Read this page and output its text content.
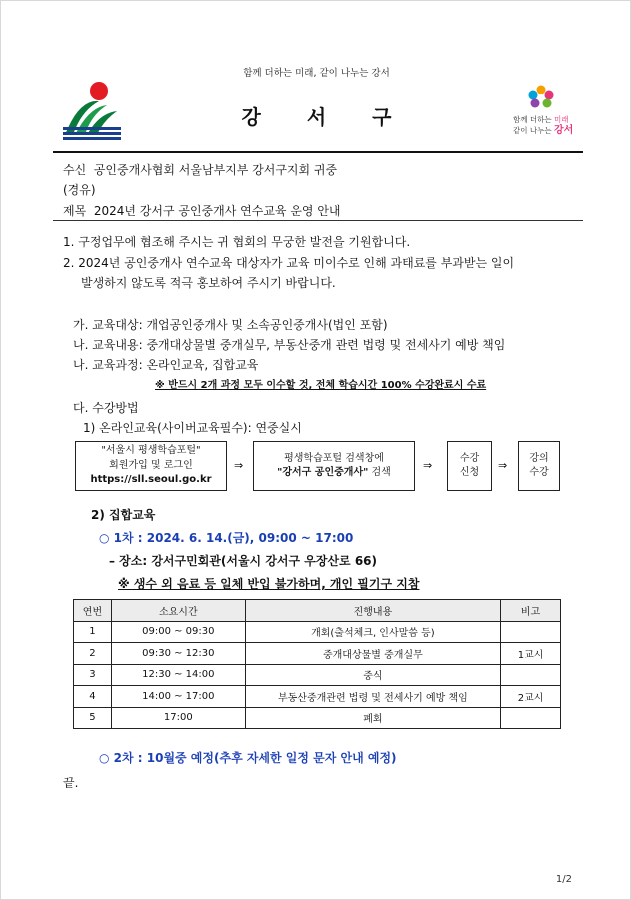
함께 더하는 미래, 같이 나누는 강서
강서구	함께 더하는 미래
같이 나누는 강서
수신 공인중개사협회 서울남부지부 강서구지회 귀중
(경유)
제목 2024년 강서구 공인중개사 연수교육 운영 안내
1. 구정업무에 협조해 주시는 귀 협회의 무궁한 발전을 기원합니다.
2. 2024년 공인중개사 연수교육 대상자가 교육 미이수로 인해 과태료를 부과받는 일이
발생하지 않도록 적극 홍보하여 주시기 바랍니다.
가. 교육대상: 개업공인중개사 및 소속공인중개사(법인 포함)
나. 교육내용: 중개대상물별 중개실무, 부동산중개 관련 법령 및 전세사기 예방 책임
나. 교육과정: 온라인교육, 집합교육
※ 반드시 2개 과정 모두 이수할 것, 전체 학습시간 100% 수강완료시 수료
다. 수강방법
1) 온라인교육(사이버교육필수): 연중실시
"서울시 평생학습포털"
회원가입 및 로그인
https://sll.seoul.go.kr
⇒
평생학습포털 검색창에
"강서구 공인중개사" 검색
⇒
수강
신청
⇒
강의
수강
2) 집합교육
○ 1차 : 2024. 6. 14.(금), 09:00 ~ 17:00
– 장소: 강서구민회관(서울시 강서구 우장산로 66)
※ 생수 외 음료 등 일체 반입 불가하며, 개인 필기구 지참
연번	소요시간	진행내용	비고
1	09:00 ~ 09:30	개회(출석체크, 인사말씀 등)	
2	09:30 ~ 12:30	중개대상물별 중개실무	1교시
3	12:30 ~ 14:00	중식	
4	14:00 ~ 17:00	부동산중개관련 법령 및 전세사기 예방 책임	2교시
5	17:00	폐회	
○ 2차 : 10월중 예정(추후 자세한 일정 문자 안내 예정)
끝.
1/2
